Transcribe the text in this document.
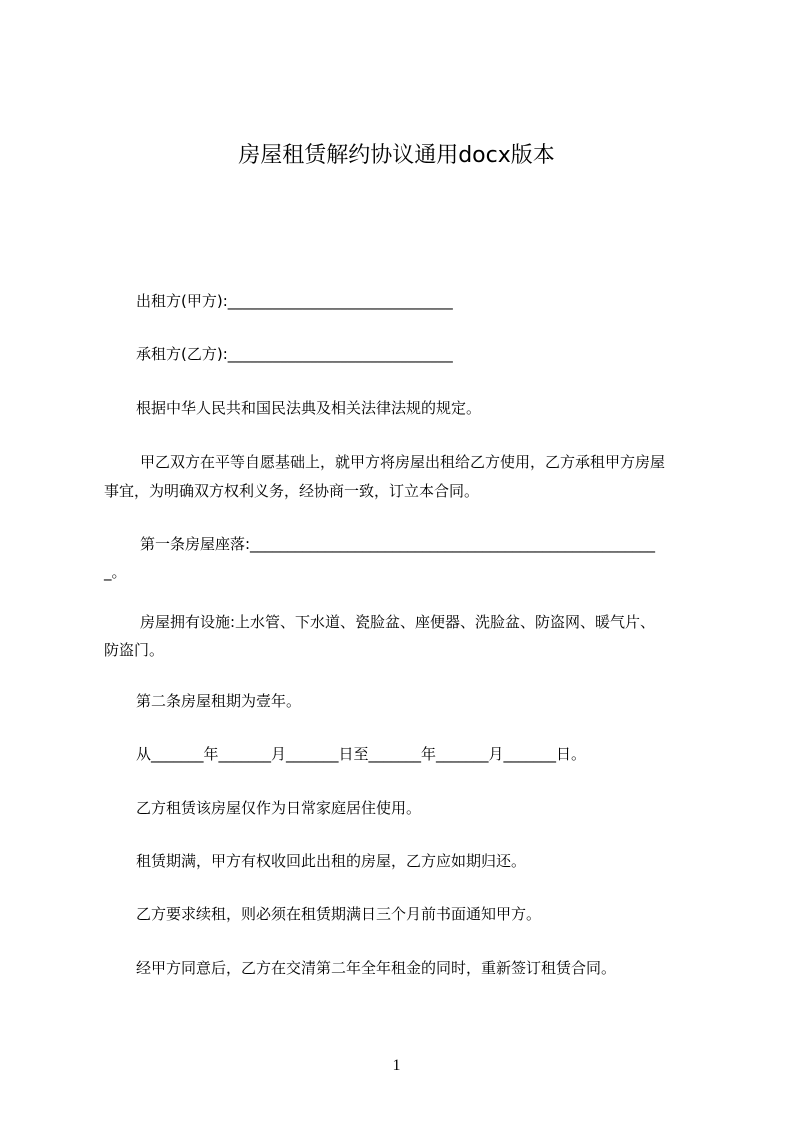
房屋租赁解约协议通用docx版本
出租方(甲方):______________________________
承租方(乙方):______________________________
根据中华人民共和国民法典及相关法律法规的规定。
甲乙双方在平等自愿基础上，就甲方将房屋出租给乙方使用，乙方承租甲方房屋
事宜，为明确双方权利义务，经协商一致，订立本合同。
第一条房屋座落:______________________________________________________
_。
房屋拥有设施:上水管、下水道、瓷脸盆、座便器、洗脸盆、防盗网、暖气片、
防盗门。
第二条房屋租期为壹年。
从_______年_______月_______日至_______年_______月_______日。
乙方租赁该房屋仅作为日常家庭居住使用。
租赁期满，甲方有权收回此出租的房屋，乙方应如期归还。
乙方要求续租，则必须在租赁期满日三个月前书面通知甲方。
经甲方同意后，乙方在交清第二年全年租金的同时，重新签订租赁合同。
1
